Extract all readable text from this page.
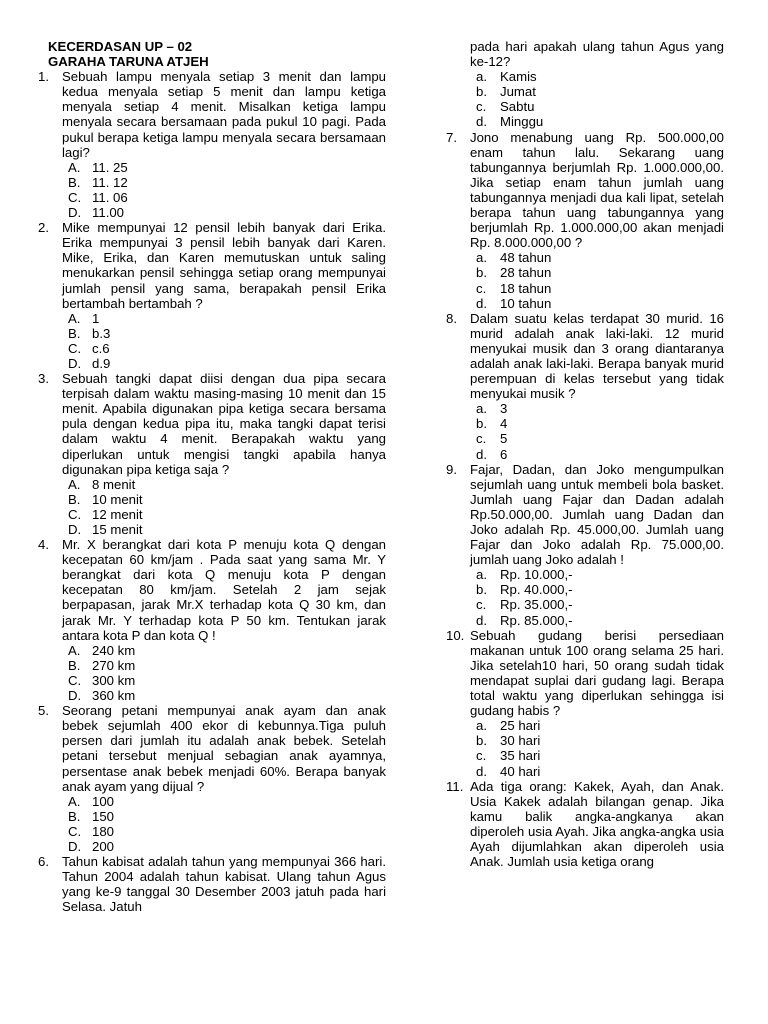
KECERDASAN UP – 02
GARAHA TARUNA ATJEH
1. Sebuah lampu menyala setiap 3 menit dan lampu kedua menyala setiap 5 menit dan lampu ketiga menyala setiap 4 menit. Misalkan ketiga lampu menyala secara bersamaan pada pukul 10 pagi. Pada pukul berapa ketiga lampu menyala secara bersamaan lagi?
A. 11. 25
B. 11. 12
C. 11. 06
D. 11.00
2. Mike mempunyai 12 pensil lebih banyak dari Erika. Erika mempunyai 3 pensil lebih banyak dari Karen. Mike, Erika, dan Karen memutuskan untuk saling menukarkan pensil sehingga setiap orang mempunyai jumlah pensil yang sama, berapakah pensil Erika bertambah bertambah ?
A. 1
B. b.3
C. c.6
D. d.9
3. Sebuah tangki dapat diisi dengan dua pipa secara terpisah dalam waktu masing-masing 10 menit dan 15 menit. Apabila digunakan pipa ketiga secara bersama pula dengan kedua pipa itu, maka tangki dapat terisi dalam waktu 4 menit. Berapakah waktu yang diperlukan untuk mengisi tangki apabila hanya digunakan pipa ketiga saja ?
A. 8 menit
B. 10 menit
C. 12 menit
D. 15 menit
4. Mr. X berangkat dari kota P menuju kota Q dengan kecepatan 60 km/jam . Pada saat yang sama Mr. Y berangkat dari kota Q menuju kota P dengan kecepatan 80 km/jam. Setelah 2 jam sejak berpapasan, jarak Mr.X terhadap kota Q 30 km, dan jarak Mr. Y terhadap kota P 50 km. Tentukan jarak antara kota P dan kota Q !
A. 240 km
B. 270 km
C. 300 km
D. 360 km
5. Seorang petani mempunyai anak ayam dan anak bebek sejumlah 400 ekor di kebunnya.Tiga puluh persen dari jumlah itu adalah anak bebek. Setelah petani tersebut menjual sebagian anak ayamnya, persentase anak bebek menjadi 60%. Berapa banyak anak ayam yang dijual ?
A. 100
B. 150
C. 180
D. 200
6. Tahun kabisat adalah tahun yang mempunyai 366 hari. Tahun 2004 adalah tahun kabisat. Ulang tahun Agus yang ke-9 tanggal 30 Desember 2003 jatuh pada hari Selasa. Jatuh
pada hari apakah ulang tahun Agus yang ke-12?
a. Kamis
b. Jumat
c.	Sabtu
d. Minggu
7. Jono menabung uang Rp. 500.000,00 enam tahun lalu. Sekarang uang tabungannya berjumlah Rp. 1.000.000,00. Jika setiap enam tahun jumlah uang tabungannya menjadi dua kali lipat, setelah berapa tahun uang tabungannya yang berjumlah Rp. 1.000.000,00 akan menjadi Rp. 8.000.000,00 ?
a. 48 tahun
b. 28 tahun
c.	18 tahun
d. 10 tahun
8. Dalam suatu kelas terdapat 30 murid. 16 murid adalah anak laki-laki. 12 murid menyukai musik dan 3 orang diantaranya adalah anak laki-laki. Berapa banyak murid perempuan di kelas tersebut yang tidak menyukai musik ?
a. 3
b. 4
c.	5
d. 6
9. Fajar, Dadan, dan Joko mengumpulkan sejumlah uang untuk membeli bola basket. Jumlah uang Fajar dan Dadan adalah Rp.50.000,00. Jumlah uang Dadan dan Joko adalah Rp. 45.000,00. Jumlah uang Fajar dan Joko adalah Rp. 75.000,00. jumlah uang Joko adalah !
a. Rp. 10.000,-
b. Rp. 40.000,-
c.	Rp. 35.000,-
d. Rp. 85.000,-
10. Sebuah gudang berisi persediaan makanan untuk 100 orang selama 25 hari. Jika setelah10 hari, 50 orang sudah tidak mendapat suplai dari gudang lagi. Berapa total waktu yang diperlukan sehingga isi gudang habis ?
a. 25 hari
b. 30 hari
c.	35 hari
d. 40 hari
11. Ada tiga orang: Kakek, Ayah, dan Anak. Usia Kakek adalah bilangan genap. Jika kamu balik angka-angkanya akan diperoleh usia Ayah. Jika angka-angka usia Ayah dijumlahkan akan diperoleh usia Anak. Jumlah usia ketiga orang
